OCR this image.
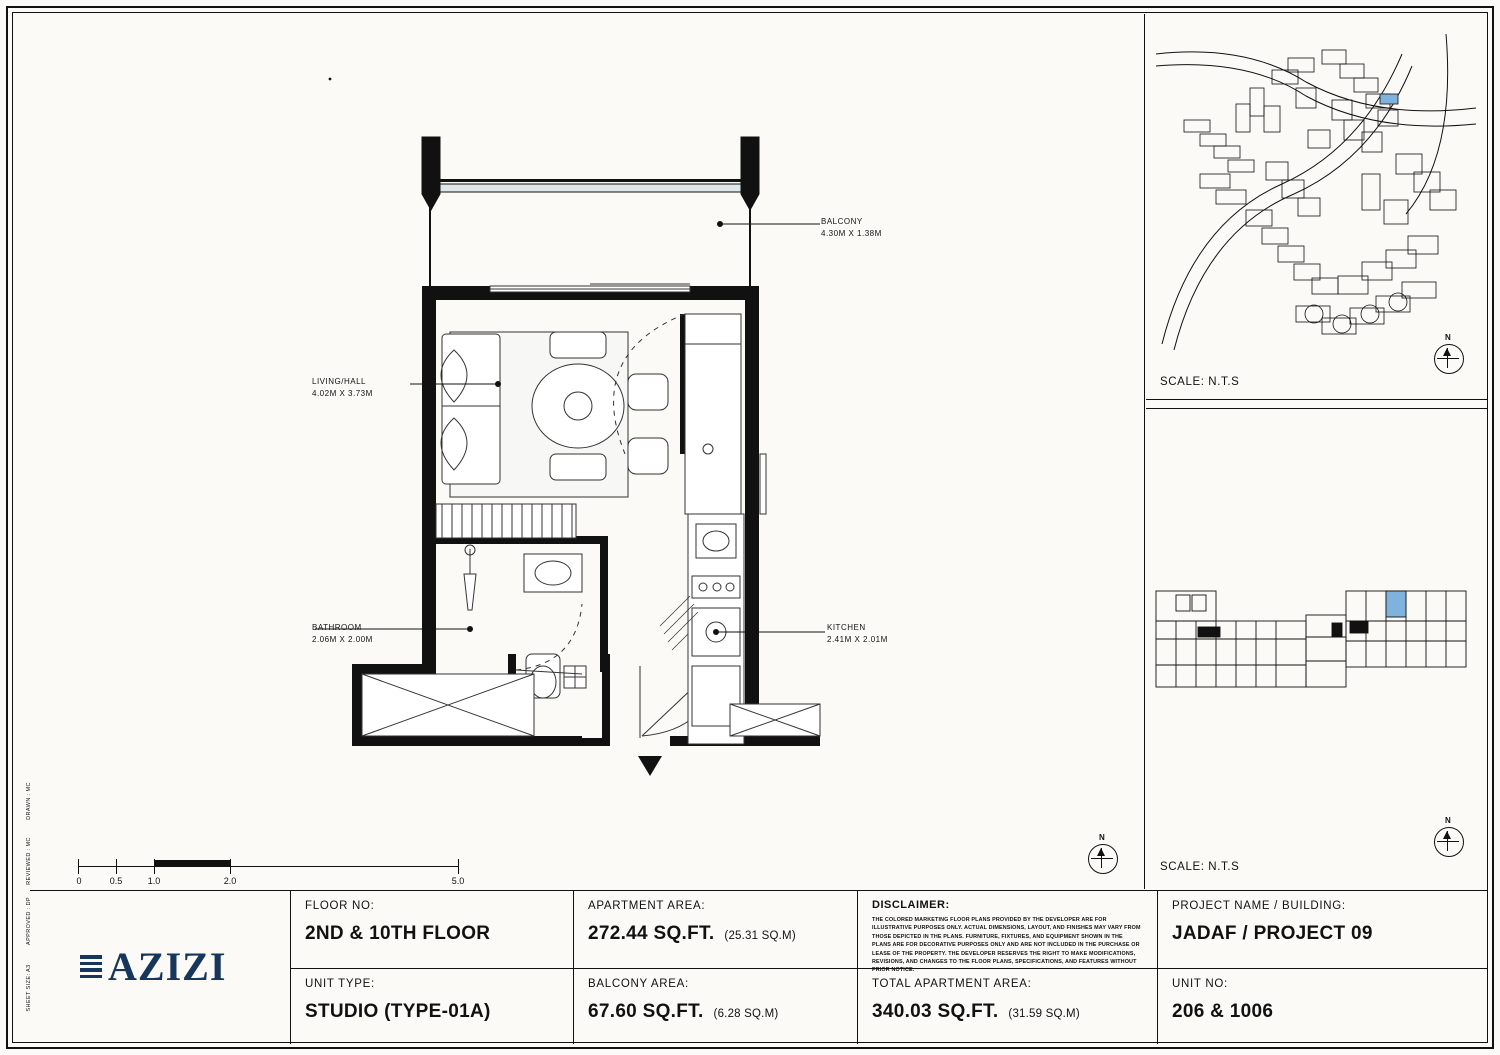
DRAWN : MC
REVIEWED : MC
APPROVED : DP
SHEET SIZE: A3
BALCONY
4.30M X 1.38M
LIVING/HALL
4.02M X 3.73M
BATHROOM
2.06M X 2.00M
KITCHEN
2.41M X 2.01M
0	0.5	1.0	2.0	5.0
N
N
SCALE: N.T.S
N
SCALE: N.T.S
AZIZI
FLOOR NO:
2ND & 10TH FLOOR
UNIT TYPE:
STUDIO (TYPE-01A)
APARTMENT AREA:
272.44 SQ.FT. (25.31 SQ.M)
BALCONY AREA:
67.60 SQ.FT. (6.28 SQ.M)
DISCLAIMER:
THE COLORED MARKETING FLOOR PLANS PROVIDED BY THE DEVELOPER ARE FOR ILLUSTRATIVE PURPOSES ONLY. ACTUAL DIMENSIONS, LAYOUT, AND FINISHES MAY VARY FROM THOSE DEPICTED IN THE PLANS. FURNITURE, FIXTURES, AND EQUIPMENT SHOWN IN THE PLANS ARE FOR DECORATIVE PURPOSES ONLY AND ARE NOT INCLUDED IN THE PURCHASE OR LEASE OF THE PROPERTY. THE DEVELOPER RESERVES THE RIGHT TO MAKE MODIFICATIONS, REVISIONS, AND CHANGES TO THE FLOOR PLANS, SPECIFICATIONS, AND FEATURES WITHOUT PRIOR NOTICE.
TOTAL APARTMENT AREA:
340.03 SQ.FT. (31.59 SQ.M)
PROJECT NAME / BUILDING:
JADAF / PROJECT 09
UNIT NO:
206 & 1006
